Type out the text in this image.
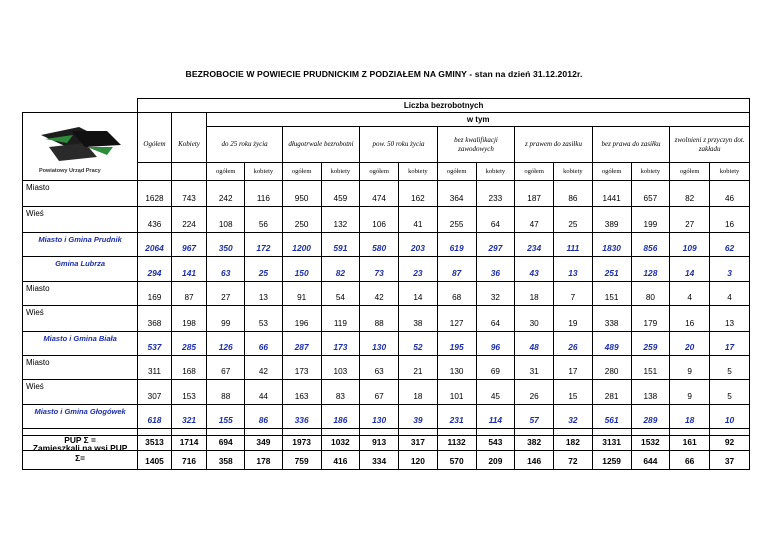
BEZROBOCIE W POWIECIE PRUDNICKIM Z PODZIAŁEM NA GMINY - stan na dzień 31.12.2012r.
	Liczba bezrobotnych															

Powiatowy Urząd Pracy			w tym													
	Ogółem	Kobiety	do 25 roku życia		długotrwale bezrobotni		pow. 50 roku życia		bez kwalifikacji zawodowych		z prawem do zasiłku		bez prawa do zasiłku		zwolnieni z przyczyn dot. zakładu	
			ogółem	kobiety	ogółem	kobiety	ogółem	kobiety	ogółem	kobiety	ogółem	kobiety	ogółem	kobiety	ogółem	kobiety
Miasto	1628	743	242	116	950	459	474	162	364	233	187	86	1441	657	82	46
Wieś	436	224	108	56	250	132	106	41	255	64	47	25	389	199	27	16
Miasto i Gmina Prudnik	2064	967	350	172	1200	591	580	203	619	297	234	111	1830	856	109	62
Gmina Lubrza	294	141	63	25	150	82	73	23	87	36	43	13	251	128	14	3
Miasto	169	87	27	13	91	54	42	14	68	32	18	7	151	80	4	4
Wieś	368	198	99	53	196	119	88	38	127	64	30	19	338	179	16	13
Miasto i Gmina Biała	537	285	126	66	287	173	130	52	195	96	48	26	489	259	20	17
Miasto	311	168	67	42	173	103	63	21	130	69	31	17	280	151	9	5
Wieś	307	153	88	44	163	83	67	18	101	45	26	15	281	138	9	5
Miasto i Gmina Głogówek	618	321	155	86	336	186	130	39	231	114	57	32	561	289	18	10
PUP Σ =	3513	1714	694	349	1973	1032	913	317	1132	543	382	182	3131	1532	161	92
Zamieszkali na wsi PUP
Σ=	1405	716	358	178	759	416	334	120	570	209	146	72	1259	644	66	37
